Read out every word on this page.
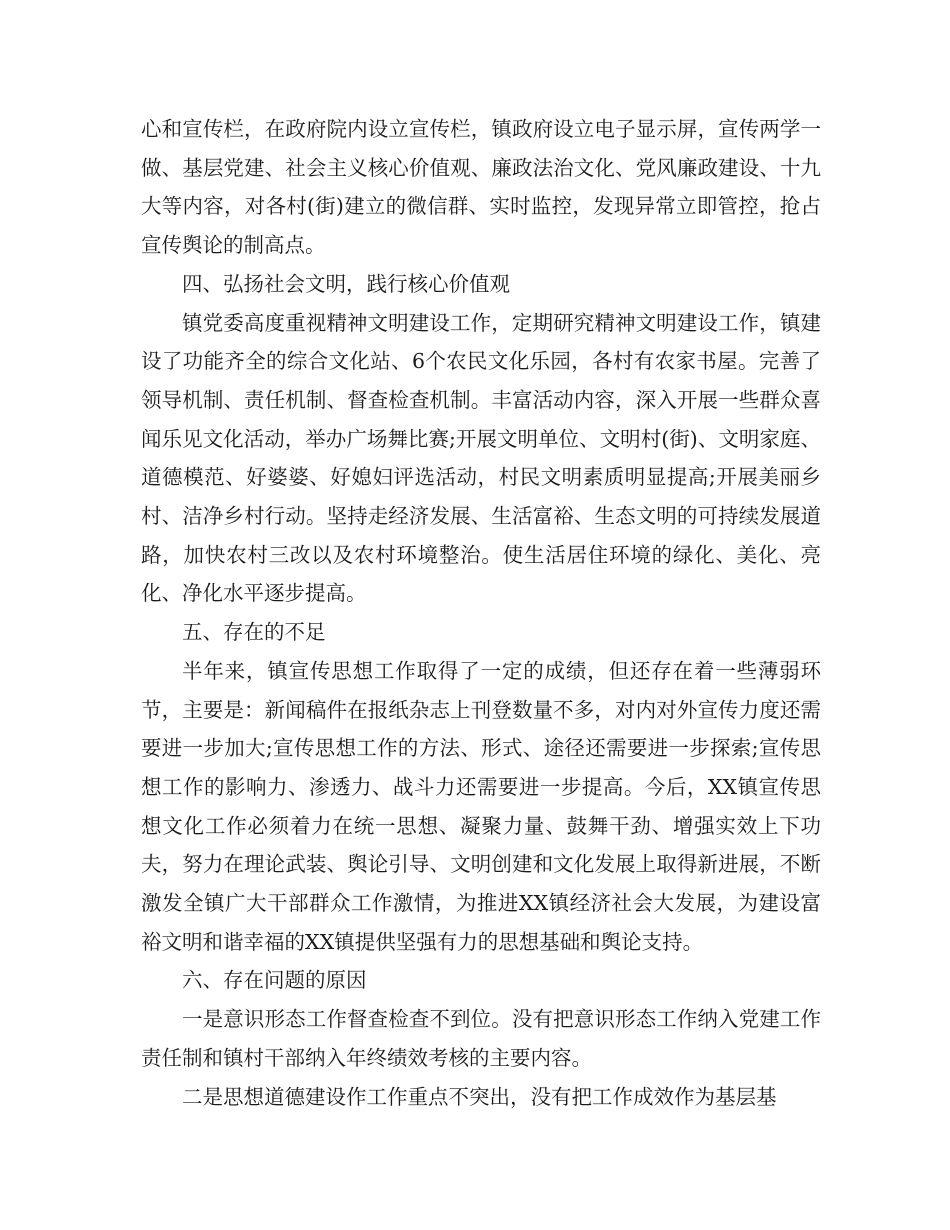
心和宣传栏，在政府院内设立宣传栏，镇政府设立电子显示屏，宣传两学一做、基层党建、社会主义核心价值观、廉政法治文化、党风廉政建设、十九大等内容，对各村(街)建立的微信群、实时监控，发现异常立即管控，抢占宣传舆论的制高点。

四、弘扬社会文明，践行核心价值观

镇党委高度重视精神文明建设工作，定期研究精神文明建设工作，镇建设了功能齐全的综合文化站、6个农民文化乐园，各村有农家书屋。完善了领导机制、责任机制、督查检查机制。丰富活动内容，深入开展一些群众喜闻乐见文化活动，举办广场舞比赛;开展文明单位、文明村(街)、文明家庭、道德模范、好婆婆、好媳妇评选活动，村民文明素质明显提高;开展美丽乡村、洁净乡村行动。坚持走经济发展、生活富裕、生态文明的可持续发展道路，加快农村三改以及农村环境整治。使生活居住环境的绿化、美化、亮化、净化水平逐步提高。

五、存在的不足

半年来，镇宣传思想工作取得了一定的成绩，但还存在着一些薄弱环节，主要是：新闻稿件在报纸杂志上刊登数量不多，对内对外宣传力度还需要进一步加大;宣传思想工作的方法、形式、途径还需要进一步探索;宣传思想工作的影响力、渗透力、战斗力还需要进一步提高。今后，XX镇宣传思想文化工作必须着力在统一思想、凝聚力量、鼓舞干劲、增强实效上下功夫，努力在理论武装、舆论引导、文明创建和文化发展上取得新进展，不断激发全镇广大干部群众工作激情，为推进XX镇经济社会大发展，为建设富裕文明和谐幸福的XX镇提供坚强有力的思想基础和舆论支持。

六、存在问题的原因

一是意识形态工作督查检查不到位。没有把意识形态工作纳入党建工作责任制和镇村干部纳入年终绩效考核的主要内容。

二是思想道德建设作工作重点不突出，没有把工作成效作为基层基
